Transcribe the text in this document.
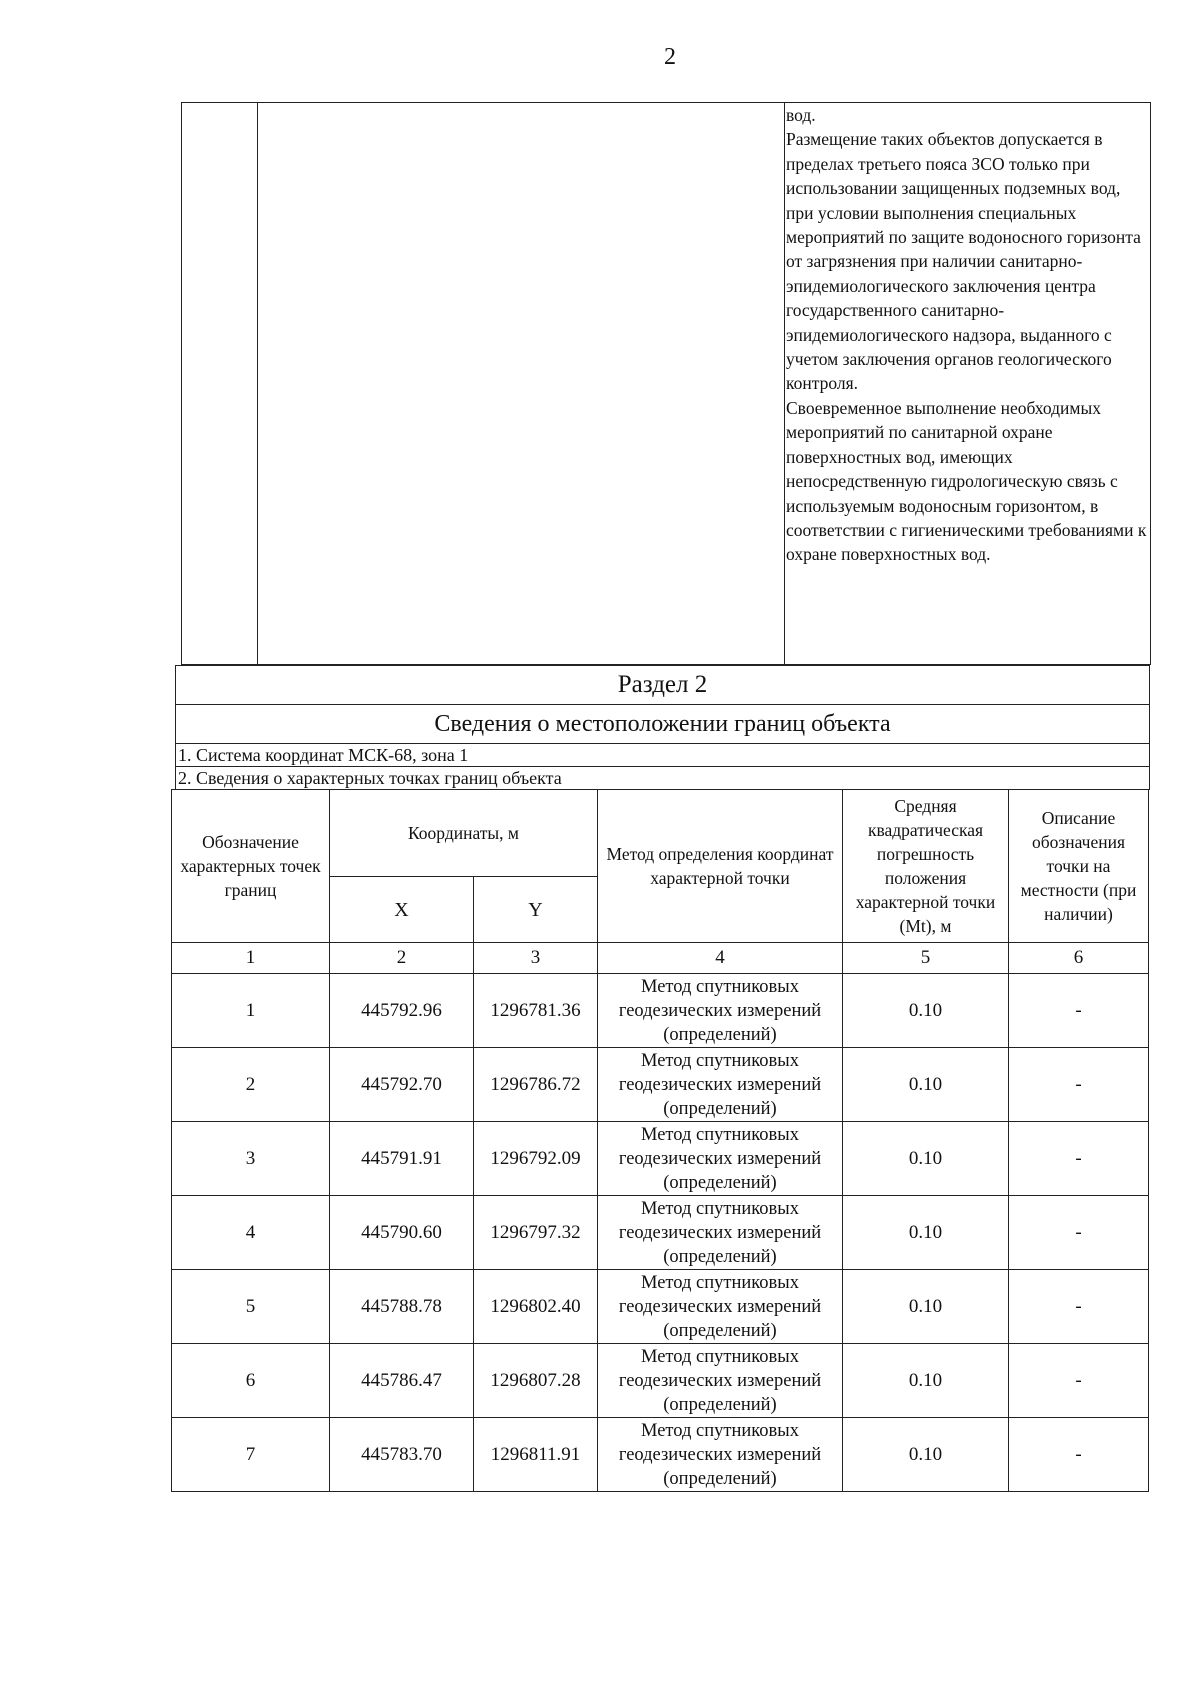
2

вод.
Размещение таких объектов допускается в пределах третьего пояса ЗСО только при использовании защищенных подземных вод, при условии выполнения специальных мероприятий по защите водоносного горизонта от загрязнения при наличии санитарно-эпидемиологического заключения центра государственного санитарно-эпидемиологического надзора, выданного с учетом заключения органов геологического контроля.
Своевременное выполнение необходимых мероприятий по санитарной охране поверхностных вод, имеющих непосредственную гидрологическую связь с используемым водоносным горизонтом, в соответствии с гигиеническими требованиями к охране поверхностных вод.
Раздел 2
Сведения о местоположении границ объекта
1. Система координат МСК-68, зона 1
2. Сведения о характерных точках границ объекта
Обозначение характерных точек границ	Координаты, м		Метод определения координат характерной точки	Средняя квадратическая погрешность положения характерной точки (Mt), м	Описание обозначения точки на местности (при наличии)
	X	Y			
1	2	3	4	5	6
1	445792.96	1296781.36	Метод спутниковых геодезических измерений (определений)	0.10	-
2	445792.70	1296786.72	Метод спутниковых геодезических измерений (определений)	0.10	-
3	445791.91	1296792.09	Метод спутниковых геодезических измерений (определений)	0.10	-
4	445790.60	1296797.32	Метод спутниковых геодезических измерений (определений)	0.10	-
5	445788.78	1296802.40	Метод спутниковых геодезических измерений (определений)	0.10	-
6	445786.47	1296807.28	Метод спутниковых геодезических измерений (определений)	0.10	-
7	445783.70	1296811.91	Метод спутниковых геодезических измерений (определений)	0.10	-
